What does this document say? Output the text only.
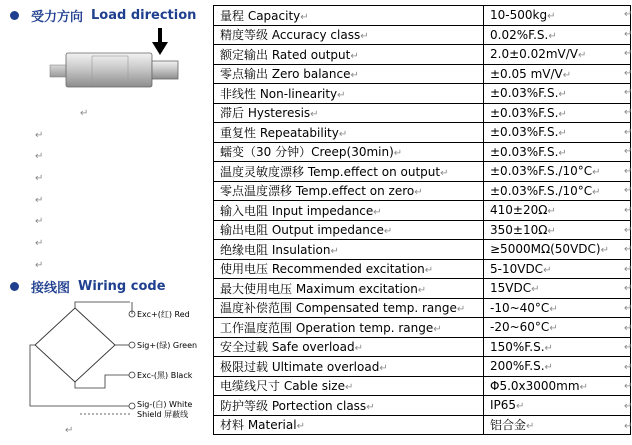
受力方向 Load direction
↵
↵
↵
↵
↵
↵
↵
↵
接线图 Wiring code
Exc+(红) Red
Sig+(绿) Green
Exc-(黑) Black
Sig-(白) White
Shield 屏蔽线
↵
量程 Capacity↵	10-500kg↵
精度等级 Accuracy class↵	0.02%F.S.↵
额定输出 Rated output↵	2.0±0.02mV/V↵
零点输出 Zero balance↵	±0.05 mV/V↵
非线性 Non-linearity↵	±0.03%F.S.↵
滞后 Hysteresis↵	±0.03%F.S.↵
重复性 Repeatability↵	±0.03%F.S.↵
蠕变（30 分钟）Creep(30min)↵	±0.03%F.S.↵
温度灵敏度漂移 Temp.effect on output↵	±0.03%F.S./10°C↵
零点温度漂移 Temp.effect on zero↵	±0.03%F.S./10°C↵
输入电阻 Input impedance↵	410±20Ω↵
输出电阻 Output impedance↵	350±10Ω↵
绝缘电阻 Insulation↵	≥5000MΩ(50VDC)↵
使用电压 Recommended excitation↵	5-10VDC↵
最大使用电压 Maximum excitation↵	15VDC↵
温度补偿范围 Compensated temp. range↵	-10~40°C↵
工作温度范围 Operation temp. range↵	-20~60°C↵
安全过载 Safe overload↵	150%F.S.↵
极限过载 Ultimate overload↵	200%F.S.↵
电缆线尺寸 Cable size↵	Φ5.0x3000mm↵
防护等级 Portection class↵	IP65↵
材料 Material↵	铝合金↵
↵
↵
↵
↵
↵
↵
↵
↵
↵
↵
↵
↵
↵
↵
↵
↵
↵
↵
↵
↵
↵
↵
